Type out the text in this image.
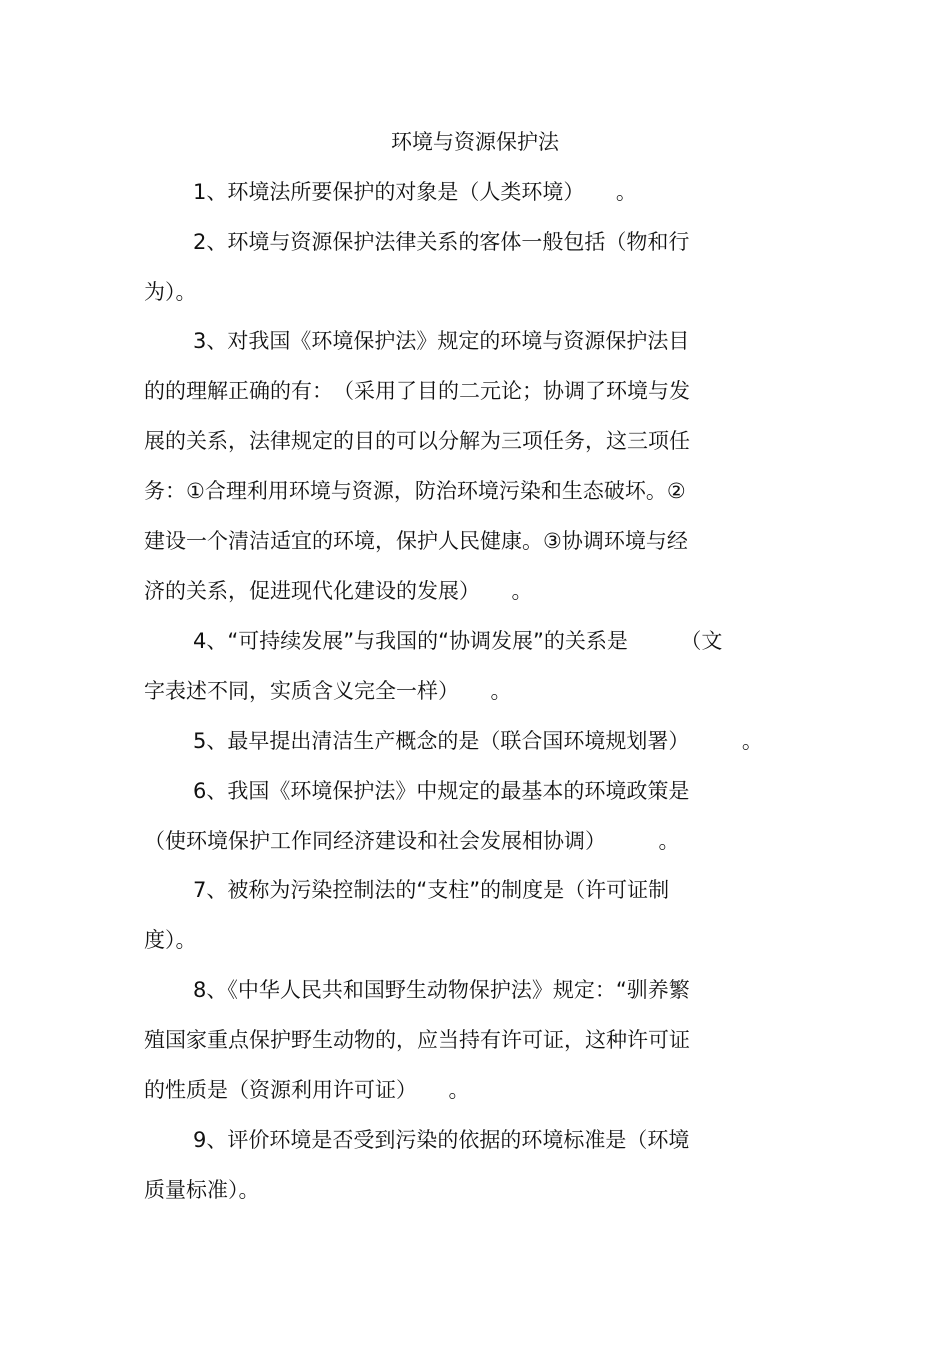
环境与资源保护法
1、环境法所要保护的对象是（人类环境）　　。
2、环境与资源保护法律关系的客体一般包括（物和行
为）。
3、对我国《环境保护法》规定的环境与资源保护法目
的的理解正确的有：　（采用了目的二元论；协调了环境与发
展的关系，法律规定的目的可以分解为三项任务，这三项任
务：①合理利用环境与资源，防治环境污染和生态破坏。②
建设一个清洁适宜的环境，保护人民健康。③协调环境与经
济的关系，促进现代化建设的发展）　　。
4、“可持续发展”与我国的“协调发展”的关系是　　　（文
字表述不同，实质含义完全一样）　　。
5、最早提出清洁生产概念的是（联合国环境规划署）　　　。
6、我国《环境保护法》中规定的最基本的环境政策是
（使环境保护工作同经济建设和社会发展相协调）　　　。
7、被称为污染控制法的“支柱”的制度是（许可证制
度）。
8、《中华人民共和国野生动物保护法》规定：“驯养繁
殖国家重点保护野生动物的，应当持有许可证，这种许可证
的性质是（资源利用许可证）　　。
9、评价环境是否受到污染的依据的环境标准是（环境
质量标准）。
